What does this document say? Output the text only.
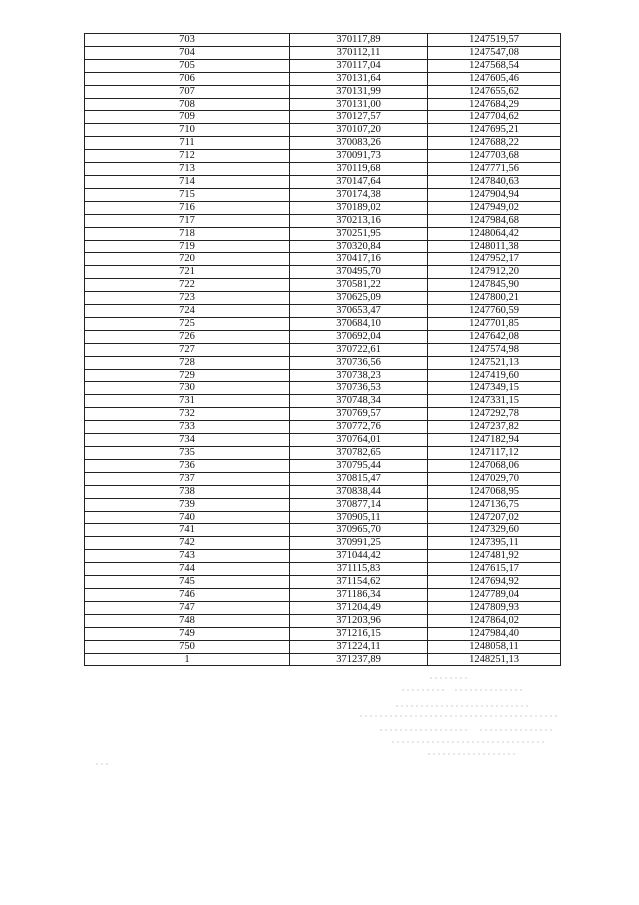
703	370117,89	1247519,57
704	370112,11	1247547,08
705	370117,04	1247568,54
706	370131,64	1247605,46
707	370131,99	1247655,62
708	370131,00	1247684,29
709	370127,57	1247704,62
710	370107,20	1247695,21
711	370083,26	1247688,22
712	370091,73	1247703,68
713	370119,68	1247771,56
714	370147,64	1247840,63
715	370174,38	1247904,94
716	370189,02	1247949,02
717	370213,16	1247984,68
718	370251,95	1248064,42
719	370320,84	1248011,38
720	370417,16	1247952,17
721	370495,70	1247912,20
722	370581,22	1247845,90
723	370625,09	1247800,21
724	370653,47	1247760,59
725	370684,10	1247701,85
726	370692,04	1247642,08
727	370722,61	1247574,98
728	370736,56	1247521,13
729	370738,23	1247419,60
730	370736,53	1247349,15
731	370748,34	1247331,15
732	370769,57	1247292,78
733	370772,76	1247237,82
734	370764,01	1247182,94
735	370782,65	1247117,12
736	370795,44	1247068,06
737	370815,47	1247029,70
738	370838,44	1247068,95
739	370877,14	1247136,75
740	370905,11	1247207,02
741	370965,70	1247329,60
742	370991,25	1247395,11
743	371044,42	1247481,92
744	371115,83	1247615,17
745	371154,62	1247694,92
746	371186,34	1247789,04
747	371204,49	1247809,93
748	371203,96	1247864,02
749	371216,15	1247984,40
750	371224,11	1248058,11
1	371237,89	1248251,13
